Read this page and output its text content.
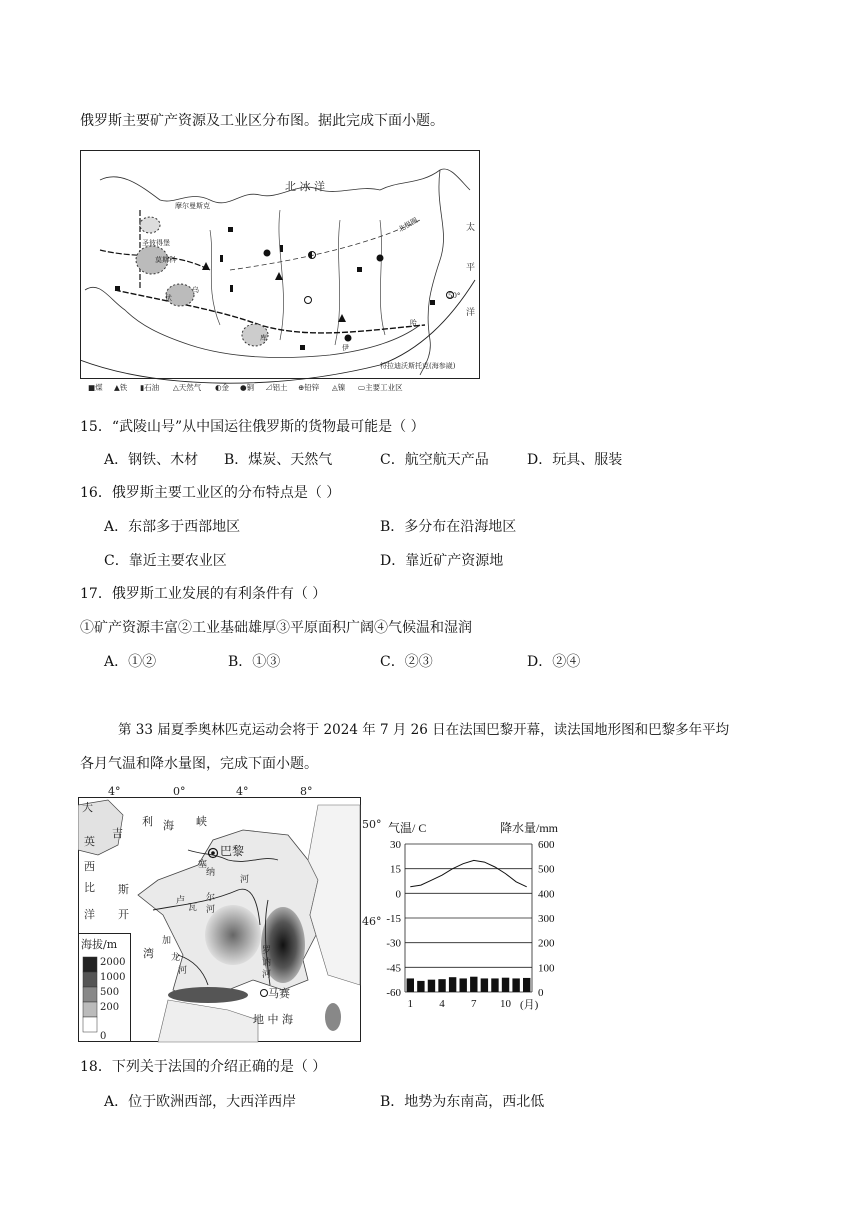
俄罗斯主要矿产资源及工业区分布图。据此完成下面小题。
北 冰 洋
太
平
洋
北极圈
50°
摩尔曼斯克
圣彼得堡
莫斯科
伏
乌
库
伊
哈
符拉迪沃斯托克(海参崴)
■煤 ▲铁 ▮石油 △天然气 ◐金 ●铜 ⊿铝土 ⊕铅锌 ◬镍 ▭主要工业区
15．“武陵山号”从中国运往俄罗斯的货物最可能是（ ）
A．钢铁、木材 B．煤炭、天然气	C．航空航天产品	D．玩具、服装
16．俄罗斯主要工业区的分布特点是（ ）
A．东部多于西部地区	B．多分布在沿海地区
C．靠近主要农业区	D．靠近矿产资源地
17．俄罗斯工业发展的有利条件有（ ）
①矿产资源丰富②工业基础雄厚③平原面积广阔④气候温和湿润
A．①②	B．①③	C．②③	D．②④
第 33 届夏季奥林匹克运动会将于 2024 年 7 月 26 日在法国巴黎开幕，读法国地形图和巴黎多年平均
各月气温和降水量图，完成下面小题。
4°	0°	4°	8°
50°
46°
巴黎
马赛
大
利 海 峡
英
吉
西
比
洋
斯
开
湾
塞
纳
河
卢
瓦
尔
河
加
龙
河
罗
讷
河
地 中 海
海拔/m
2000
1000
500
200
0
气温/ C	降水量/mm
30
15
0
-15
-30
-45
-60
600
500
400
300
200
100
0
1 4 7 10 (月)
18．下列关于法国的介绍正确的是（ ）
A．位于欧洲西部，大西洋西岸	B．地势为东南高，西北低
